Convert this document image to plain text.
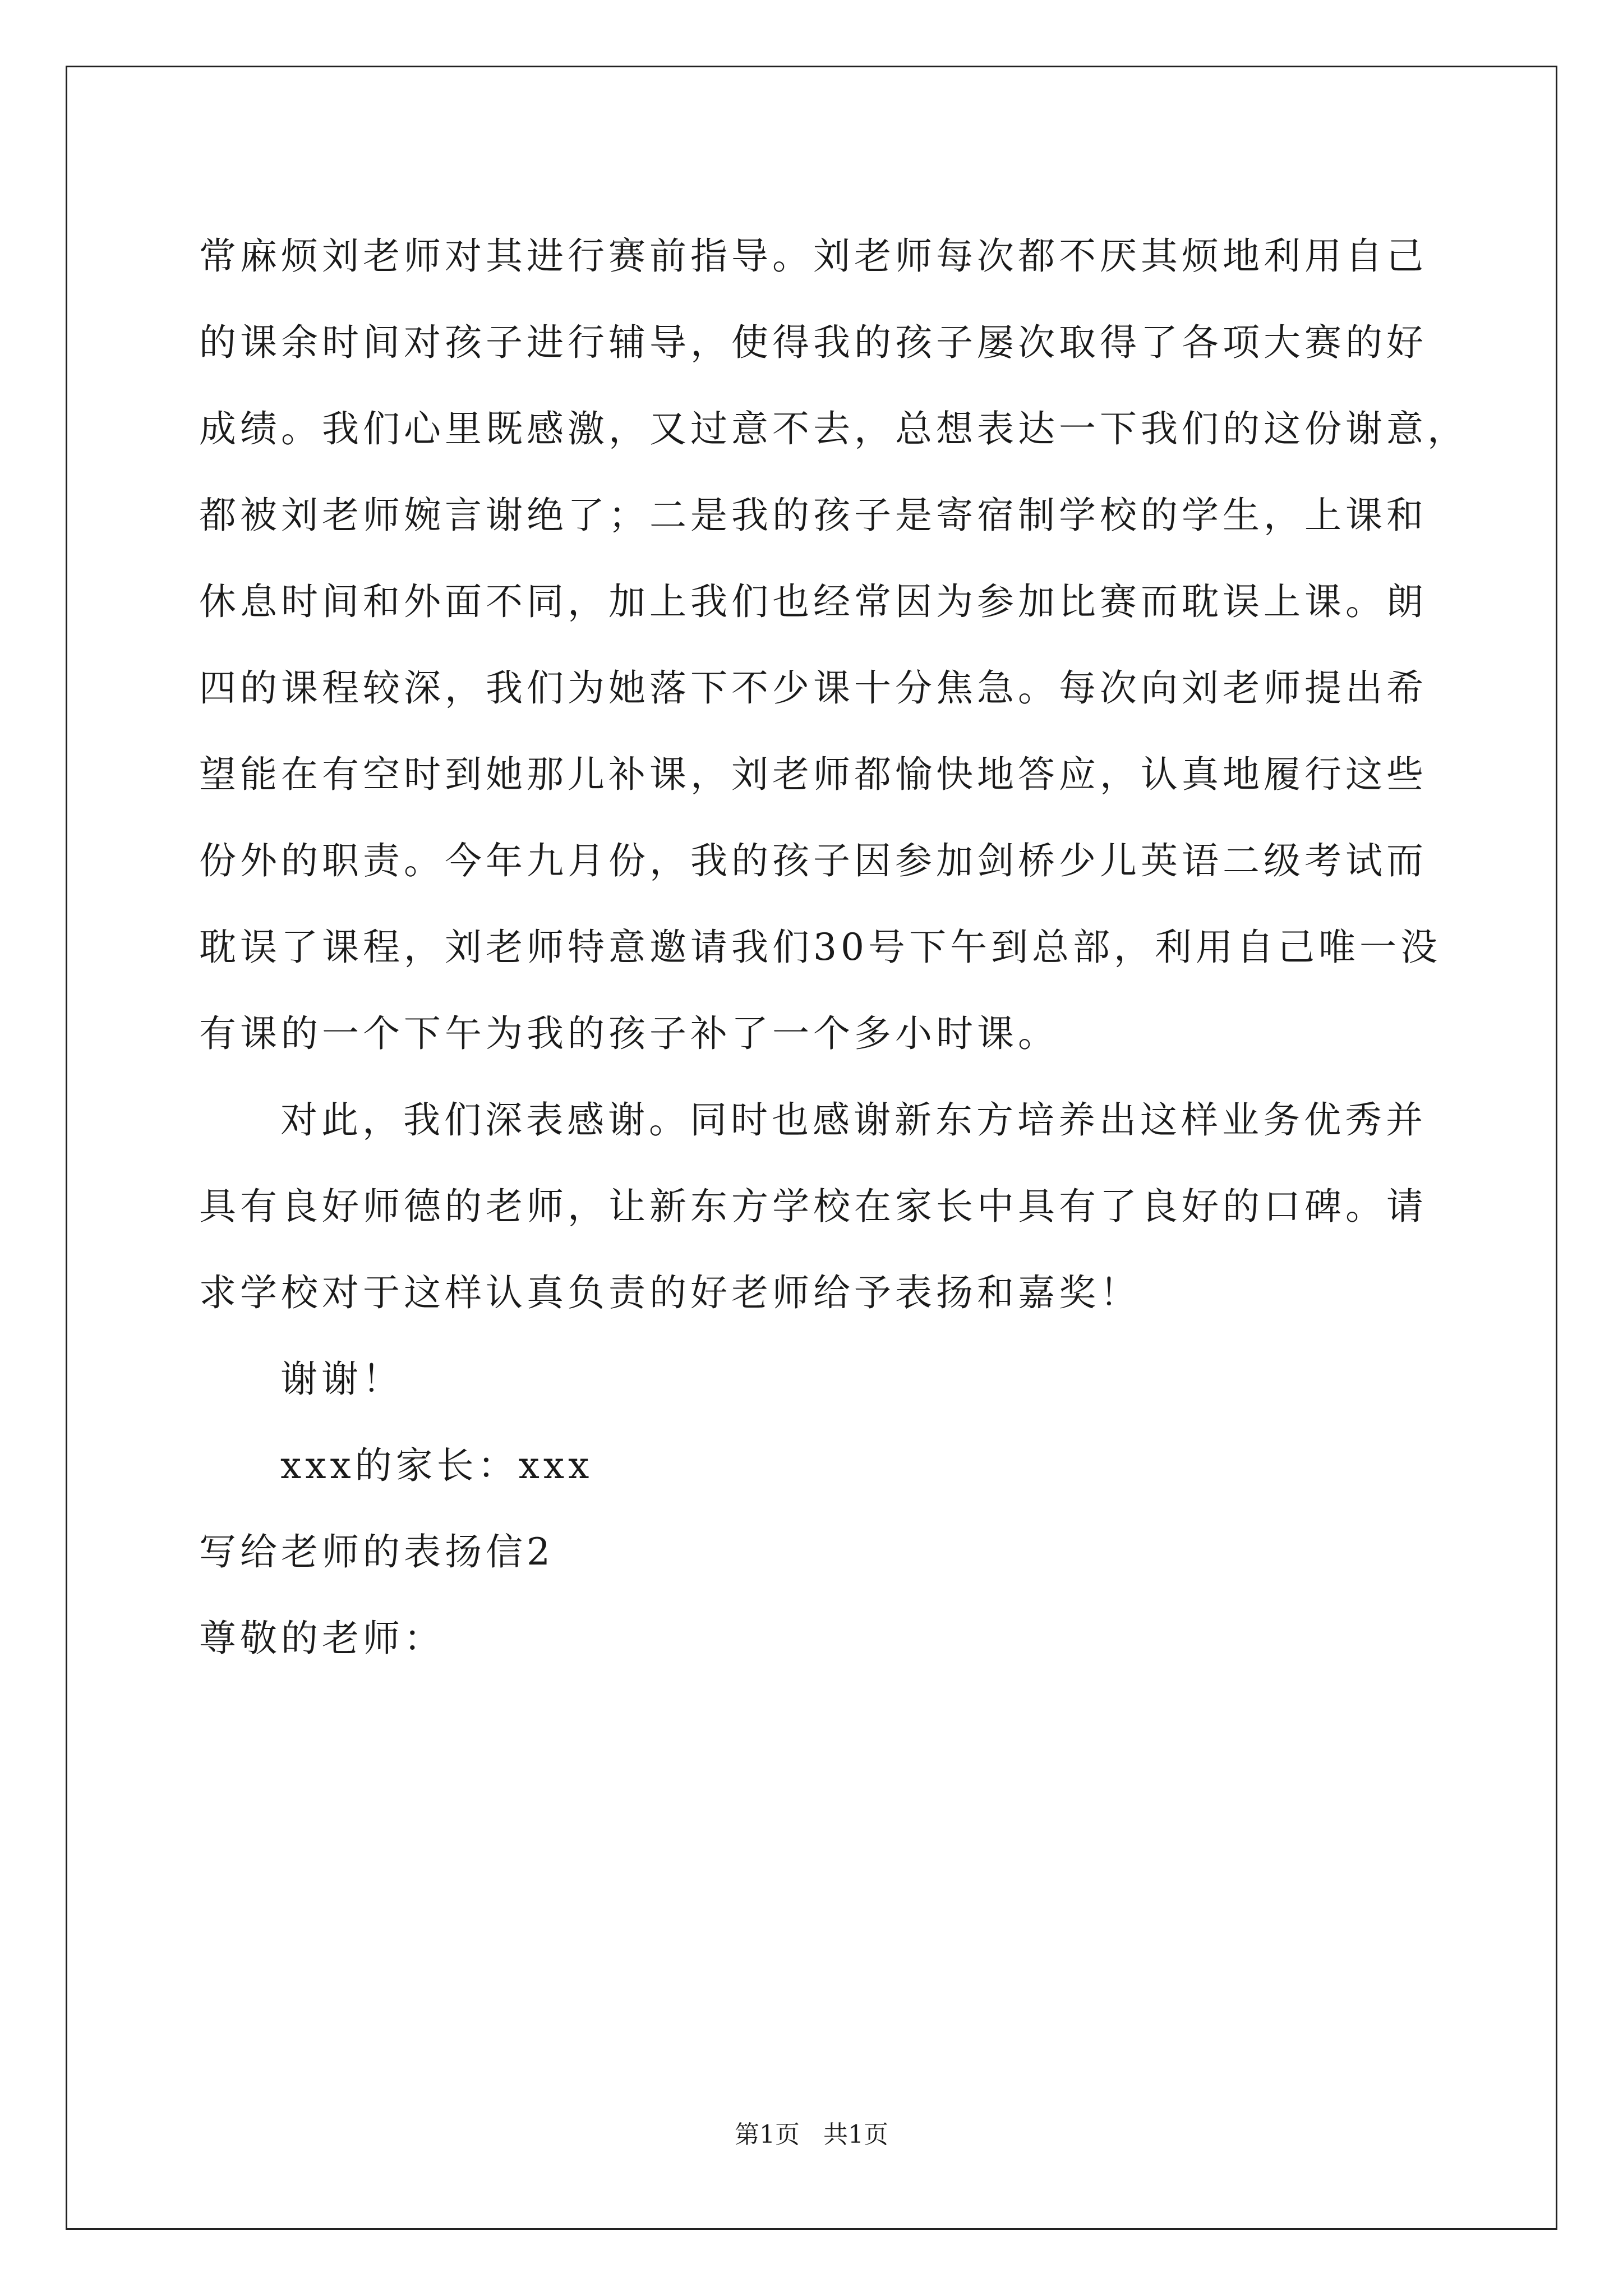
常麻烦刘老师对其进行赛前指导。刘老师每次都不厌其烦地利用自己
的课余时间对孩子进行辅导，使得我的孩子屡次取得了各项大赛的好
成绩。我们心里既感激，又过意不去，总想表达一下我们的这份谢意，
都被刘老师婉言谢绝了；二是我的孩子是寄宿制学校的学生，上课和
休息时间和外面不同，加上我们也经常因为参加比赛而耽误上课。朗
四的课程较深，我们为她落下不少课十分焦急。每次向刘老师提出希
望能在有空时到她那儿补课，刘老师都愉快地答应，认真地履行这些
份外的职责。今年九月份，我的孩子因参加剑桥少儿英语二级考试而
耽误了课程，刘老师特意邀请我们30号下午到总部，利用自己唯一没
有课的一个下午为我的孩子补了一个多小时课。
对此，我们深表感谢。同时也感谢新东方培养出这样业务优秀并
具有良好师德的老师，让新东方学校在家长中具有了良好的口碑。请
求学校对于这样认真负责的好老师给予表扬和嘉奖！
谢谢！
xxx的家长：xxx
写给老师的表扬信2
尊敬的老师：
第1页   共1页
